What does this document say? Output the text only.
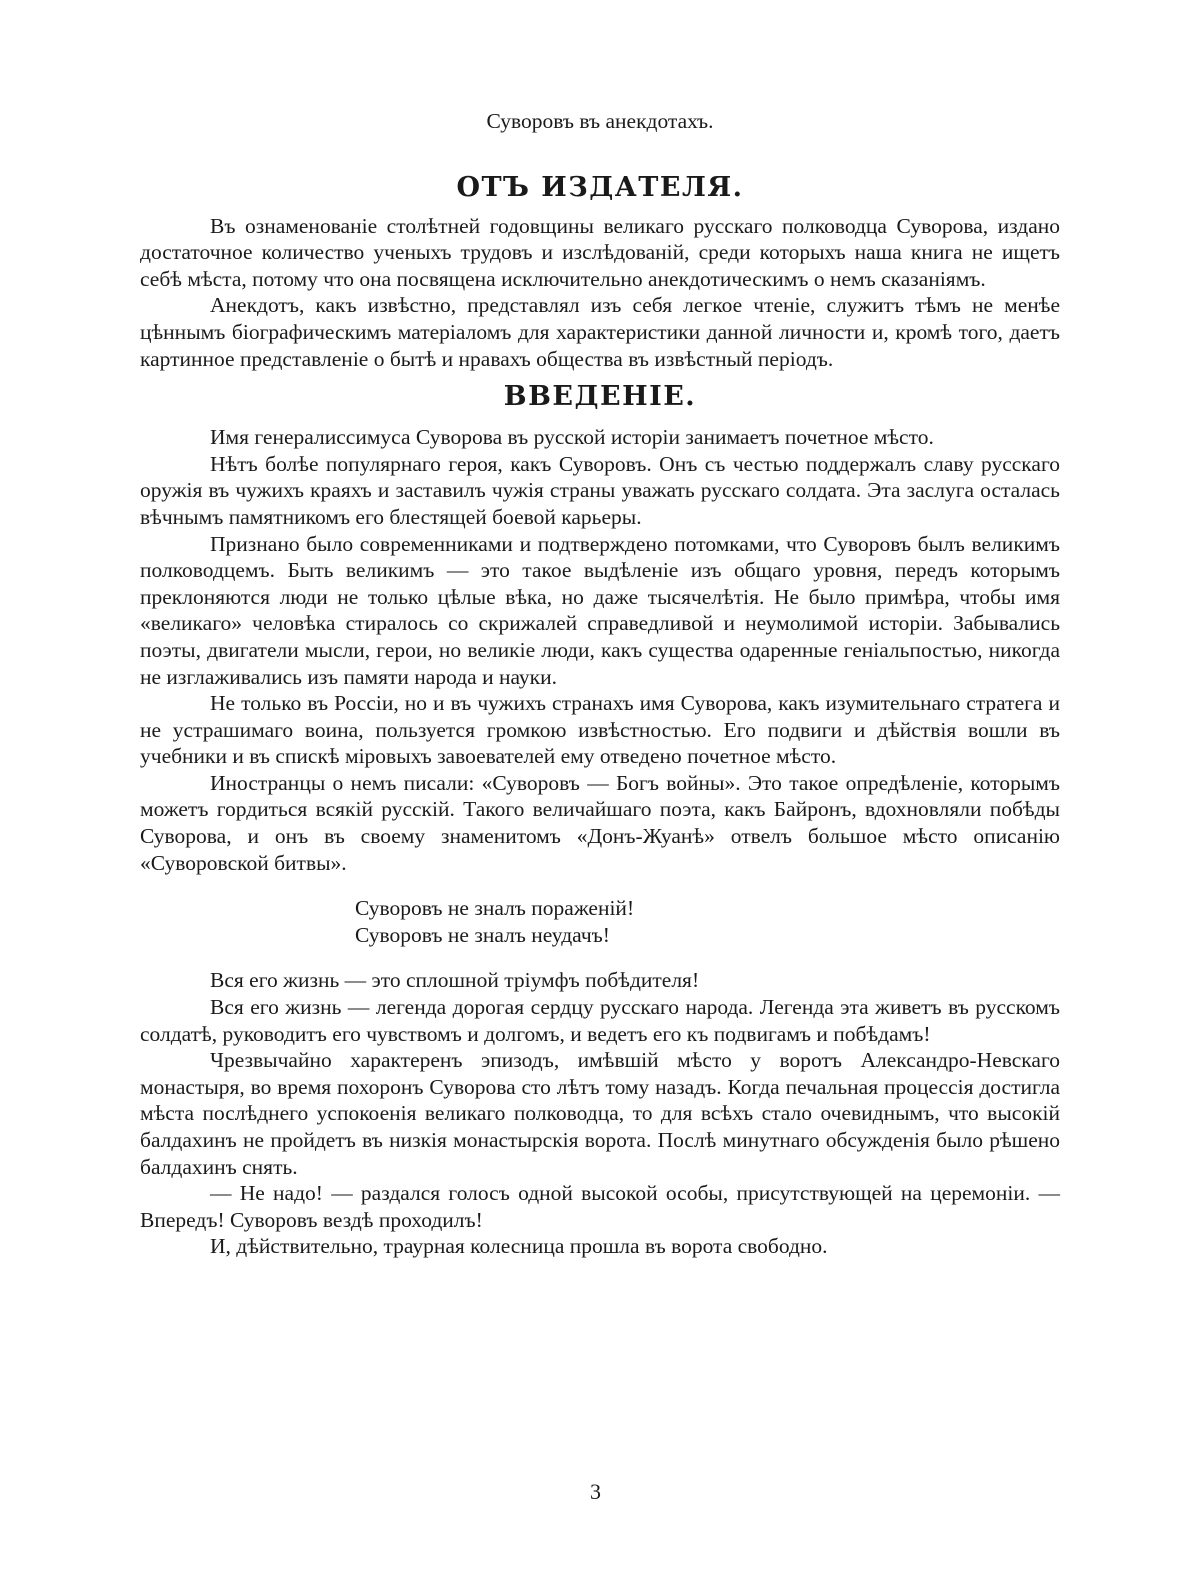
Суворовъ въ анекдотахъ.
ОТЪ ИЗДАТЕЛЯ.

Въ ознаменованіе столѣтней годовщины великаго русскаго полководца Суворова, издано достаточное количество ученыхъ трудовъ и изслѣдованій, среди которыхъ наша книга не ищетъ себѣ мѣста, потому что она посвящена исключительно анекдотическимъ о немъ сказаніямъ.

Анекдотъ, какъ извѣстно, представлял изъ себя легкое чтеніе, служитъ тѣмъ не менѣе цѣннымъ біографическимъ матеріаломъ для характеристики данной личности и, кромѣ того, даетъ картинное представленіе о бытѣ и нравахъ общества въ извѣстный періодъ.

ВВЕДЕНІЕ.

Имя генералиссимуса Суворова въ русской исторіи занимаетъ почетное мѣсто.

Нѣтъ болѣе популярнаго героя, какъ Суворовъ. Онъ съ честью поддержалъ славу русскаго оружія въ чужихъ краяхъ и заставилъ чужія страны уважать русскаго солдата. Эта заслуга осталась вѣчнымъ памятникомъ его блестящей боевой карьеры.

Признано было современниками и подтверждено потомками, что Суворовъ былъ великимъ полководцемъ. Быть великимъ — это такое выдѣленіе изъ общаго уровня, передъ которымъ преклоняются люди не только цѣлые вѣка, но даже тысячелѣтія. Не было примѣра, чтобы имя «великаго» человѣка стиралось со скрижалей справедливой и неумолимой исторіи. Забывались поэты, двигатели мысли, герои, но великіе люди, какъ существа одаренные геніальпостью, никогда не изглаживались изъ памяти народа и науки.

Не только въ Россіи, но и въ чужихъ странахъ имя Суворова, какъ изумительнаго стратега и не устрашимаго воина, пользуется громкою извѣстностью. Его подвиги и дѣйствія вошли въ учебники и въ спискѣ міровыхъ завоевателей ему отведено почетное мѣсто.

Иностранцы о немъ писали: «Суворовъ — Богъ войны». Это такое опредѣленіе, которымъ можетъ гордиться всякій русскій. Такого величайшаго поэта, какъ Байронъ, вдохновляли побѣды Суворова, и онъ въ своему знаменитомъ «Донъ-Жуанѣ» отвелъ большое мѣсто описанію «Суворовской битвы».

Суворовъ не зналъ пораженій!
Суворовъ не зналъ неудачъ!

Вся его жизнь — это сплошной тріумфъ побѣдителя!

Вся его жизнь — легенда дорогая сердцу русскаго народа. Легенда эта живетъ въ русскомъ солдатѣ, руководитъ его чувствомъ и долгомъ, и ведетъ его къ подвигамъ и побѣдамъ!

Чрезвычайно характеренъ эпизодъ, имѣвшій мѣсто у воротъ Александро-Невскаго монастыря, во время похоронъ Суворова сто лѣтъ тому назадъ. Когда печальная процессія достигла мѣста послѣднего успокоенія великаго полководца, то для всѣхъ стало очевиднымъ, что высокій балдахинъ не пройдетъ въ низкія монастырскія ворота. Послѣ минутнаго обсужденія было рѣшено балдахинъ снять.

— Не надо! — раздался голосъ одной высокой особы, присутствующей на церемоніи. — Впередъ! Суворовъ вездѣ проходилъ!

И, дѣйствительно, траурная колесница прошла въ ворота свободно.

3
